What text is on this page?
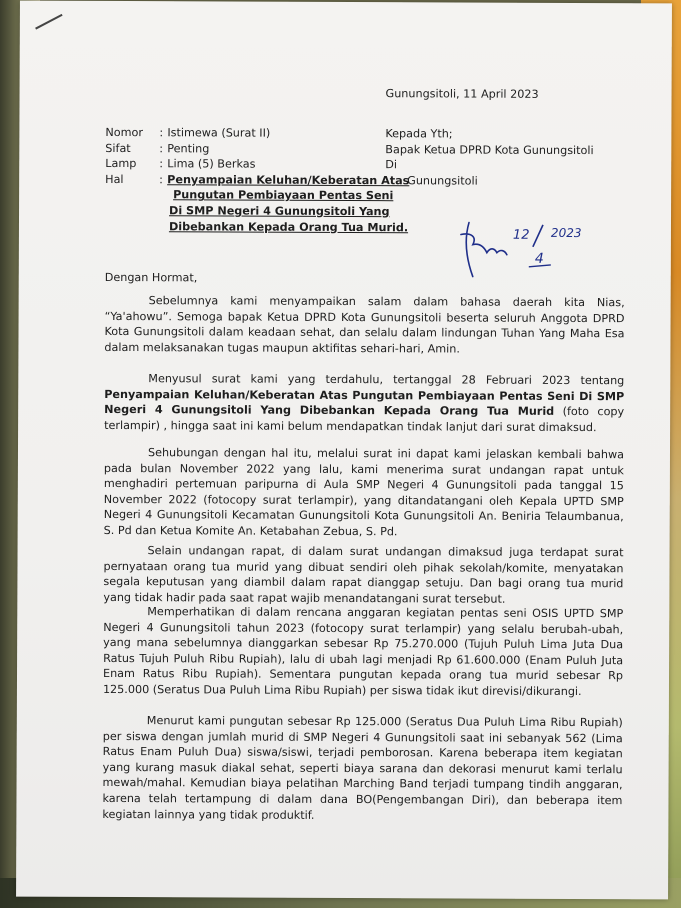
Gunungsitoli, 11 April 2023
Nomor	: Istimewa (Surat II)
Sifat	: Penting
Lamp	: Lima (5) Berkas
Hal	: Penyampaian Keluhan/Keberatan Atas
Pungutan Pembiayaan Pentas Seni
Di SMP Negeri 4 Gunungsitoli Yang
Dibebankan Kepada Orang Tua Murid.
Kepada Yth;
Bapak Ketua DPRD Kota Gunungsitoli
Di
Gunungsitoli
12
4
2023
Dengan Hormat,
Sebelumnya kami menyampaikan salam dalam bahasa daerah kita Nias, “Ya'ahowu”. Semoga bapak Ketua DPRD Kota Gunungsitoli beserta seluruh Anggota DPRD Kota Gunungsitoli dalam keadaan sehat, dan selalu dalam lindungan Tuhan Yang Maha Esa dalam melaksanakan tugas maupun aktifitas sehari-hari, Amin.
Menyusul surat kami yang terdahulu, tertanggal 28 Februari 2023 tentang Penyampaian Keluhan/Keberatan Atas Pungutan Pembiayaan Pentas Seni Di SMP Negeri 4 Gunungsitoli Yang Dibebankan Kepada Orang Tua Murid (foto copy terlampir) , hingga saat ini kami belum mendapatkan tindak lanjut dari surat dimaksud.
Sehubungan dengan hal itu, melalui surat ini dapat kami jelaskan kembali bahwa pada bulan November 2022 yang lalu, kami menerima surat undangan rapat untuk menghadiri pertemuan paripurna di Aula SMP Negeri 4 Gunungsitoli pada tanggal 15 November 2022 (fotocopy surat terlampir), yang ditandatangani oleh Kepala UPTD SMP Negeri 4 Gunungsitoli Kecamatan Gunungsitoli Kota Gunungsitoli An. Beniria Telaumbanua, S. Pd dan Ketua Komite An. Ketabahan Zebua, S. Pd.
Selain undangan rapat, di dalam surat undangan dimaksud juga terdapat surat pernyataan orang tua murid yang dibuat sendiri oleh pihak sekolah/komite, menyatakan segala keputusan yang diambil dalam rapat dianggap setuju. Dan bagi orang tua murid yang tidak hadir pada saat rapat wajib menandatangani surat tersebut.
Memperhatikan di dalam rencana anggaran kegiatan pentas seni OSIS UPTD SMP Negeri 4 Gunungsitoli tahun 2023 (fotocopy surat terlampir) yang selalu berubah-ubah, yang mana sebelumnya dianggarkan sebesar Rp 75.270.000 (Tujuh Puluh Lima Juta Dua Ratus Tujuh Puluh Ribu Rupiah), lalu di ubah lagi menjadi Rp 61.600.000 (Enam Puluh Juta Enam Ratus Ribu Rupiah). Sementara pungutan kepada orang tua murid sebesar Rp 125.000 (Seratus Dua Puluh Lima Ribu Rupiah) per siswa tidak ikut direvisi/dikurangi.
Menurut kami pungutan sebesar Rp 125.000 (Seratus Dua Puluh Lima Ribu Rupiah) per siswa dengan jumlah murid di SMP Negeri 4 Gunungsitoli saat ini sebanyak 562 (Lima Ratus Enam Puluh Dua) siswa/siswi, terjadi pemborosan. Karena beberapa item kegiatan yang kurang masuk diakal sehat, seperti biaya sarana dan dekorasi menurut kami terlalu mewah/mahal. Kemudian biaya pelatihan Marching Band terjadi tumpang tindih anggaran, karena telah tertampung di dalam dana BO(Pengembangan Diri), dan beberapa item kegiatan lainnya yang tidak produktif.
